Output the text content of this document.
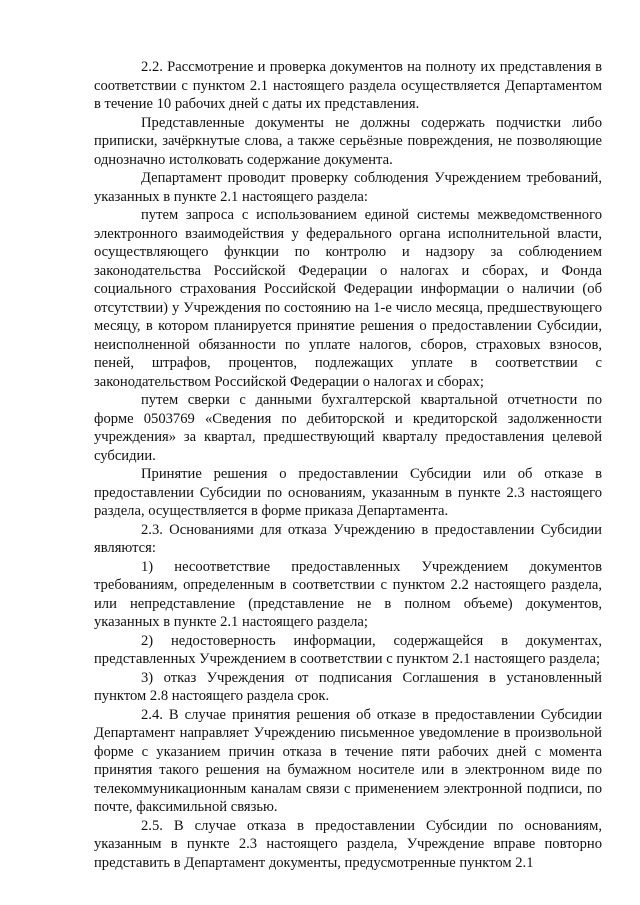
2.2. Рассмотрение и проверка документов на полноту их представления в соответствии с пунктом 2.1 настоящего раздела осуществляется Департаментом в течение 10 рабочих дней с даты их представления.

Представленные документы не должны содержать подчистки либо приписки, зачёркнутые слова, а также серьёзные повреждения, не позволяющие однозначно истолковать содержание документа.

Департамент проводит проверку соблюдения Учреждением требований, указанных в пункте 2.1 настоящего раздела:

путем запроса с использованием единой системы межведомственного электронного взаимодействия у федерального органа исполнительной власти, осуществляющего функции по контролю и надзору за соблюдением законодательства Российской Федерации о налогах и сборах, и Фонда социального страхования Российской Федерации информации о наличии (об отсутствии) у Учреждения по состоянию на 1-е число месяца, предшествующего месяцу, в котором планируется принятие решения о предоставлении Субсидии, неисполненной обязанности по уплате налогов, сборов, страховых взносов, пеней, штрафов, процентов, подлежащих уплате в соответствии с законодательством Российской Федерации о налогах и сборах;

путем сверки с данными бухгалтерской квартальной отчетности по форме 0503769 «Сведения по дебиторской и кредиторской задолженности учреждения» за квартал, предшествующий кварталу предоставления целевой субсидии.

Принятие решения о предоставлении Субсидии или об отказе в предоставлении Субсидии по основаниям, указанным в пункте 2.3 настоящего раздела, осуществляется в форме приказа Департамента.

2.3. Основаниями для отказа Учреждению в предоставлении Субсидии являются:

1) несоответствие предоставленных Учреждением документов требованиям, определенным в соответствии с пунктом 2.2 настоящего раздела, или непредставление (представление не в полном объеме) документов, указанных в пункте 2.1 настоящего раздела;

2) недостоверность информации, содержащейся в документах, представленных Учреждением в соответствии с пунктом 2.1 настоящего раздела;

3) отказ Учреждения от подписания Соглашения в установленный пунктом 2.8 настоящего раздела срок.

2.4. В случае принятия решения об отказе в предоставлении Субсидии Департамент направляет Учреждению письменное уведомление в произвольной форме с указанием причин отказа в течение пяти рабочих дней с момента принятия такого решения на бумажном носителе или в электронном виде по телекоммуникационным каналам связи с применением электронной подписи, по почте, факсимильной связью.

2.5. В случае отказа в предоставлении Субсидии по основаниям, указанным в пункте 2.3 настоящего раздела, Учреждение вправе повторно представить в Департамент документы, предусмотренные пунктом 2.1
